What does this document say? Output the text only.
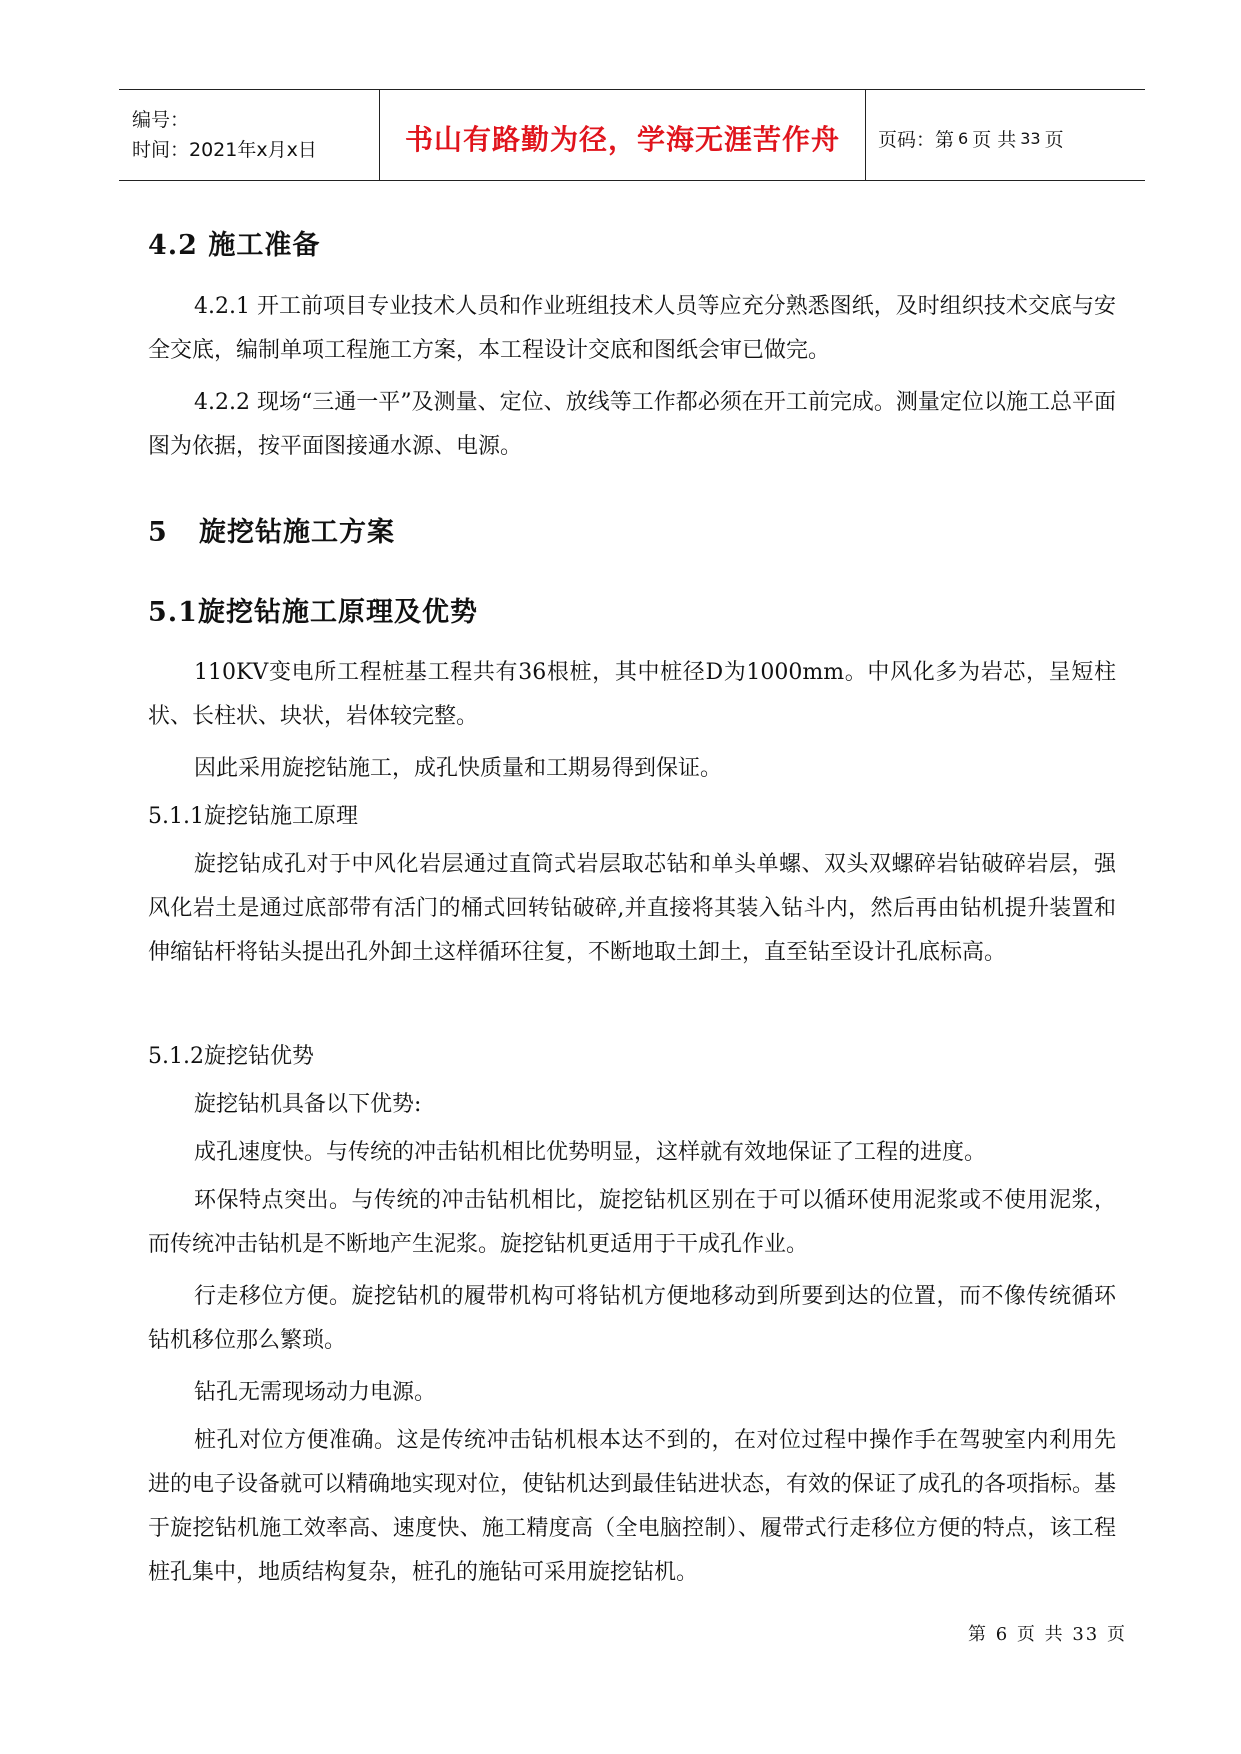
编号：
时间：2021年x月x日	书山有路勤为径，学海无涯苦作舟	页码：第 6 页 共 33 页
4.2 施工准备
4.2.1 开工前项目专业技术人员和作业班组技术人员等应充分熟悉图纸，及时组织技术交底与安全交底，编制单项工程施工方案，本工程设计交底和图纸会审已做完。
4.2.2 现场“三通一平”及测量、定位、放线等工作都必须在开工前完成。测量定位以施工总平面图为依据，按平面图接通水源、电源。
5   旋挖钻施工方案
5.1旋挖钻施工原理及优势
110KV变电所工程桩基工程共有36根桩，其中桩径D为1000mm。中风化多为岩芯，呈短柱状、长柱状、块状，岩体较完整。
因此采用旋挖钻施工，成孔快质量和工期易得到保证。
5.1.1旋挖钻施工原理
旋挖钻成孔对于中风化岩层通过直筒式岩层取芯钻和单头单螺、双头双螺碎岩钻破碎岩层，强风化岩土是通过底部带有活门的桶式回转钻破碎,并直接将其装入钻斗内，然后再由钻机提升装置和伸缩钻杆将钻头提出孔外卸土这样循环往复，不断地取土卸土，直至钻至设计孔底标高。
5.1.2旋挖钻优势
旋挖钻机具备以下优势:
成孔速度快。与传统的冲击钻机相比优势明显，这样就有效地保证了工程的进度。
环保特点突出。与传统的冲击钻机相比，旋挖钻机区别在于可以循环使用泥浆或不使用泥浆，而传统冲击钻机是不断地产生泥浆。旋挖钻机更适用于干成孔作业。
行走移位方便。旋挖钻机的履带机构可将钻机方便地移动到所要到达的位置，而不像传统循环钻机移位那么繁琐。
钻孔无需现场动力电源。
桩孔对位方便准确。这是传统冲击钻机根本达不到的，在对位过程中操作手在驾驶室内利用先进的电子设备就可以精确地实现对位，使钻机达到最佳钻进状态，有效的保证了成孔的各项指标。基于旋挖钻机施工效率高、速度快、施工精度高（全电脑控制）、履带式行走移位方便的特点，该工程桩孔集中，地质结构复杂，桩孔的施钻可采用旋挖钻机。
第 6 页 共 33 页
